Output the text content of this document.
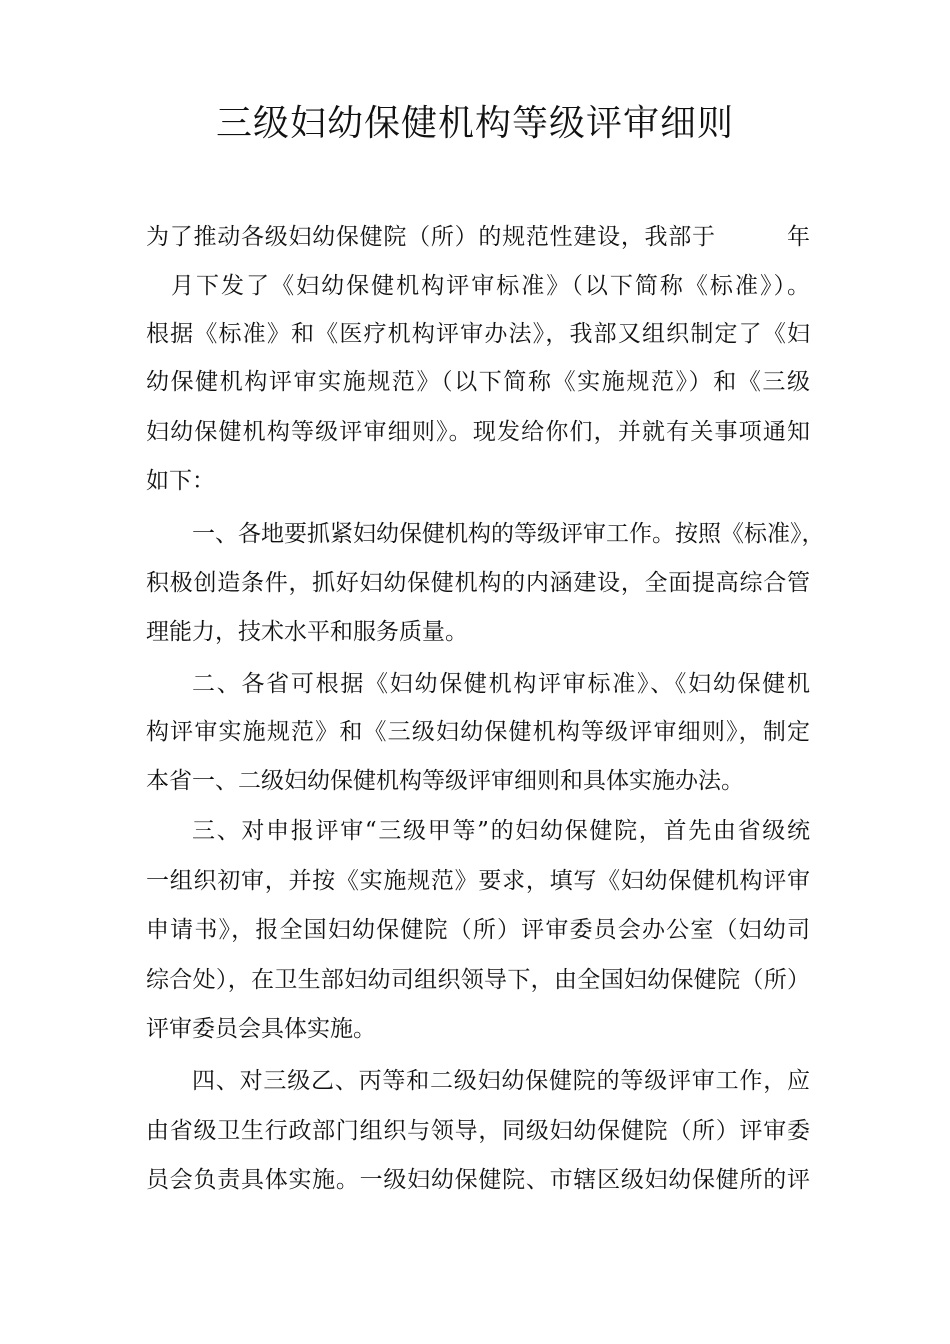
三级妇幼保健机构等级评审细则

为了推动各级妇幼保健院（所）的规范性建设，我部于　　　年

　月下发了《妇幼保健机构评审标准》（以下简称《标准》）。

根据《标准》和《医疗机构评审办法》，我部又组织制定了《妇

幼保健机构评审实施规范》（以下简称《实施规范》）和《三级

妇幼保健机构等级评审细则》。现发给你们，并就有关事项通知

如下：

一、各地要抓紧妇幼保健机构的等级评审工作。按照《标准》，

积极创造条件，抓好妇幼保健机构的内涵建设，全面提高综合管

理能力，技术水平和服务质量。

二、各省可根据《妇幼保健机构评审标准》、《妇幼保健机

构评审实施规范》和《三级妇幼保健机构等级评审细则》，制定

本省一、二级妇幼保健机构等级评审细则和具体实施办法。

三、对申报评审“三级甲等”的妇幼保健院，首先由省级统

一组织初审，并按《实施规范》要求，填写《妇幼保健机构评审

申请书》，报全国妇幼保健院（所）评审委员会办公室（妇幼司

综合处），在卫生部妇幼司组织领导下，由全国妇幼保健院（所）

评审委员会具体实施。

四、对三级乙、丙等和二级妇幼保健院的等级评审工作，应

由省级卫生行政部门组织与领导，同级妇幼保健院（所）评审委

员会负责具体实施。一级妇幼保健院、市辖区级妇幼保健所的评
